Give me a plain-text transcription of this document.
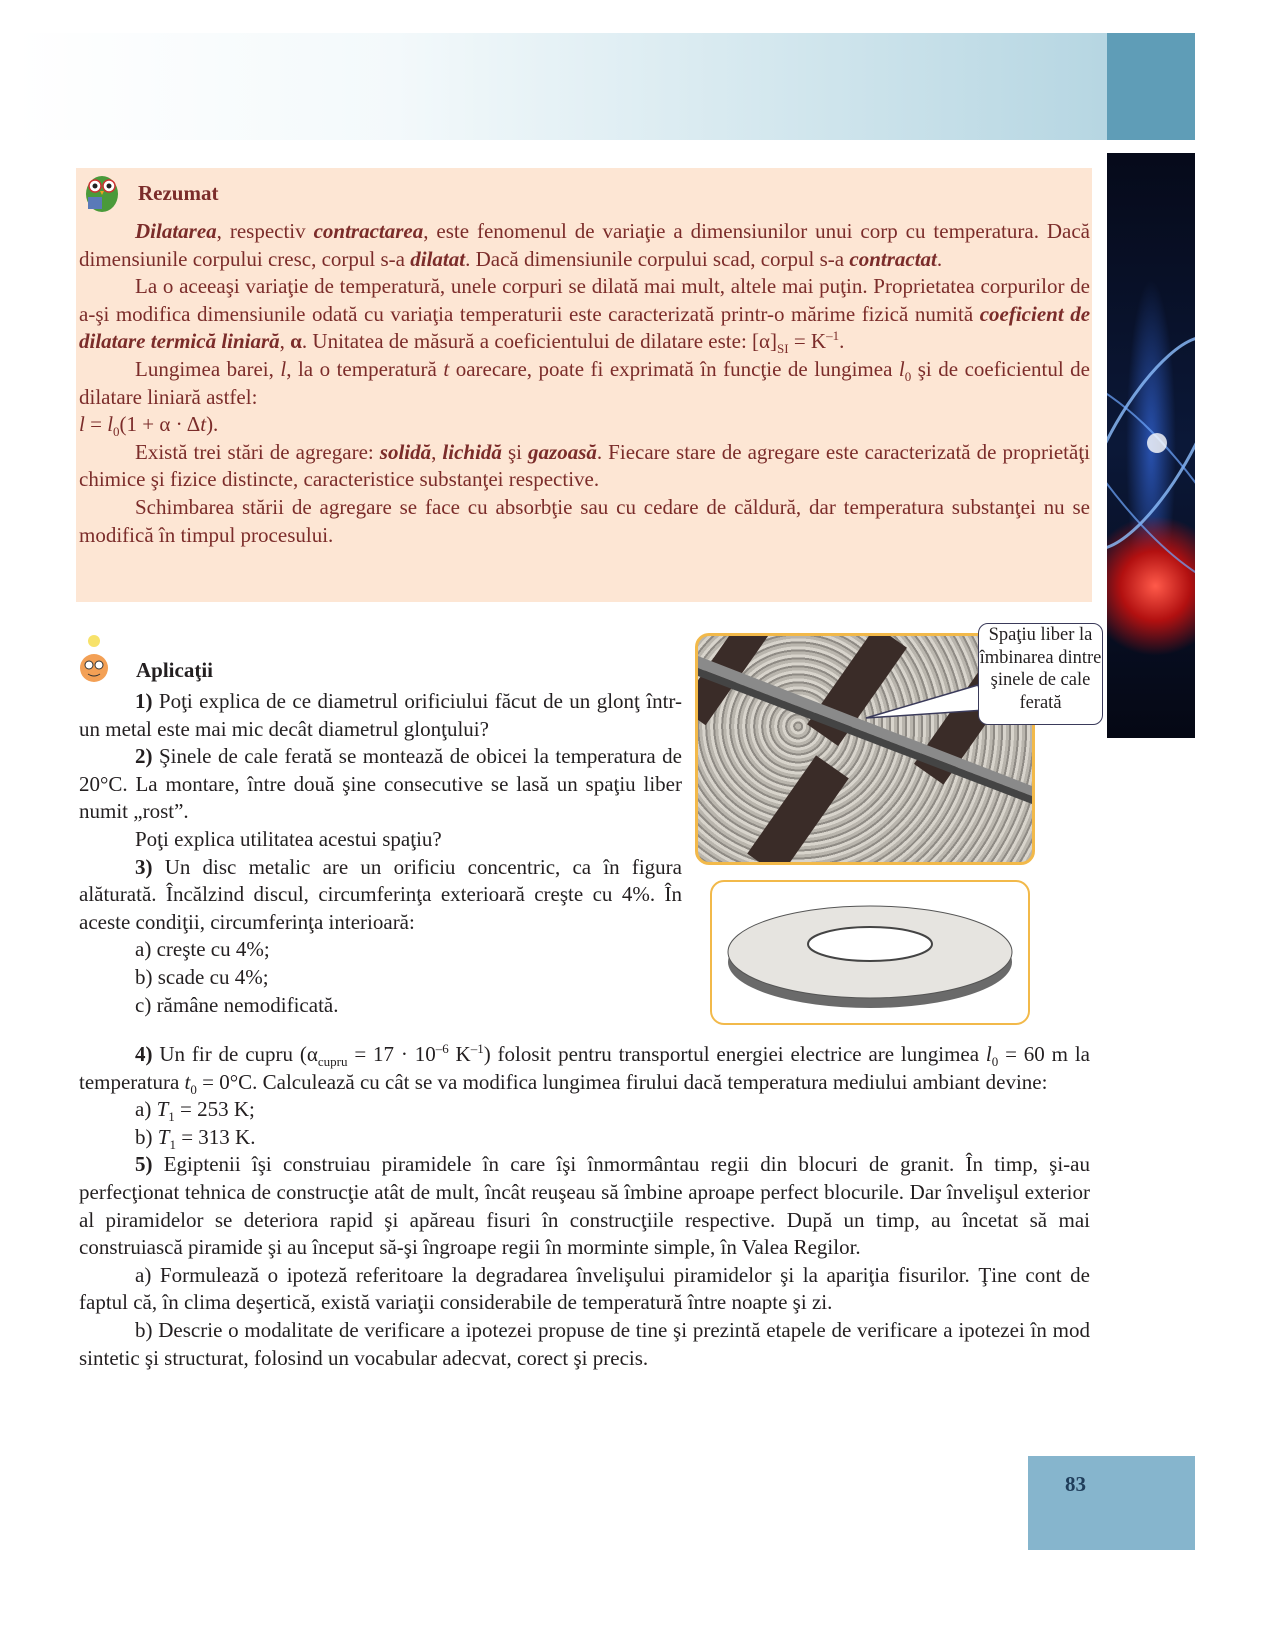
Rezumat
Dilatarea, respectiv contractarea, este fenomenul de variaţie a dimensiunilor unui corp cu temperatura. Dacă dimensiunile corpului cresc, corpul s-a dilatat. Dacă dimensiunile corpului scad, corpul s-a contractat.
La o aceeaşi variaţie de temperatură, unele corpuri se dilată mai mult, altele mai puţin. Proprietatea corpurilor de a-şi modifica dimensiunile odată cu variaţia temperaturii este caracterizată printr-o mărime fizică numită coeficient de dilatare termică liniară, α. Unitatea de măsură a coeficientului de dilatare este: $[\alpha]_{SI} = K^{-1}$.
Lungimea barei, l, la o temperatură t oarecare, poate fi exprimată în funcţie de lungimea $l_0$ şi de coeficientul de dilatare liniară astfel:
$l = l_0(1 + \alpha \cdot \Delta t)$.
Există trei stări de agregare: solidă, lichidă şi gazoasă. Fiecare stare de agregare este caracterizată de proprietăţi chimice şi fizice distincte, caracteristice substanţei respective.
Schimbarea stării de agregare se face cu absorbţie sau cu cedare de căldură, dar temperatura substanţei nu se modifică în timpul procesului.
Aplicaţii
1) Poţi explica de ce diametrul orificiului făcut de un glonţ într-un metal este mai mic decât diametrul glonţului?
2) Şinele de cale ferată se montează de obicei la temperatura de 20°C. La montare, între două şine consecutive se lasă un spaţiu liber numit „rost”.
Poţi explica utilitatea acestui spaţiu?
3) Un disc metalic are un orificiu concentric, ca în figura alăturată. Încălzind discul, circumferinţa exterioară creşte cu 4%. În aceste condiţii, circumferinţa interioară:
a) creşte cu 4%;
b) scade cu 4%;
c) rămâne nemodificată.
4) Un fir de cupru ($\alpha_{cupru} = 17 \cdot 10^{-6}$ $K^{-1}$) folosit pentru transportul energiei electrice are lungimea $l_0 = 60$ m la temperatura $t_0 = 0^\circ C$. Calculează cu cât se va modifica lungimea firului dacă temperatura mediului ambiant devine:
a) $T_1 = 253$ K;
b) $T_1 = 313$ K.
5) Egiptenii îşi construiau piramidele în care îşi înmormântau regii din blocuri de granit. În timp, şi-au perfecţionat tehnica de construcţie atât de mult, încât reuşeau să îmbine aproape perfect blocurile. Dar învelişul exterior al piramidelor se deteriora rapid şi apăreau fisuri în construcţiile respective. După un timp, au încetat să mai construiască piramide şi au început să-şi îngroape regii în morminte simple, în Valea Regilor.
a) Formulează o ipoteză referitoare la degradarea învelişului piramidelor şi la apariţia fisurilor. Ţine cont de faptul că, în clima deşertică, există variaţii considerabile de temperatură între noapte şi zi.
b) Descrie o modalitate de verificare a ipotezei propuse de tine şi prezintă etapele de verificare a ipotezei în mod sintetic şi structurat, folosind un vocabular adecvat, corect şi precis.
Spaţiu liber la îmbinarea dintre şinele de cale ferată
83
